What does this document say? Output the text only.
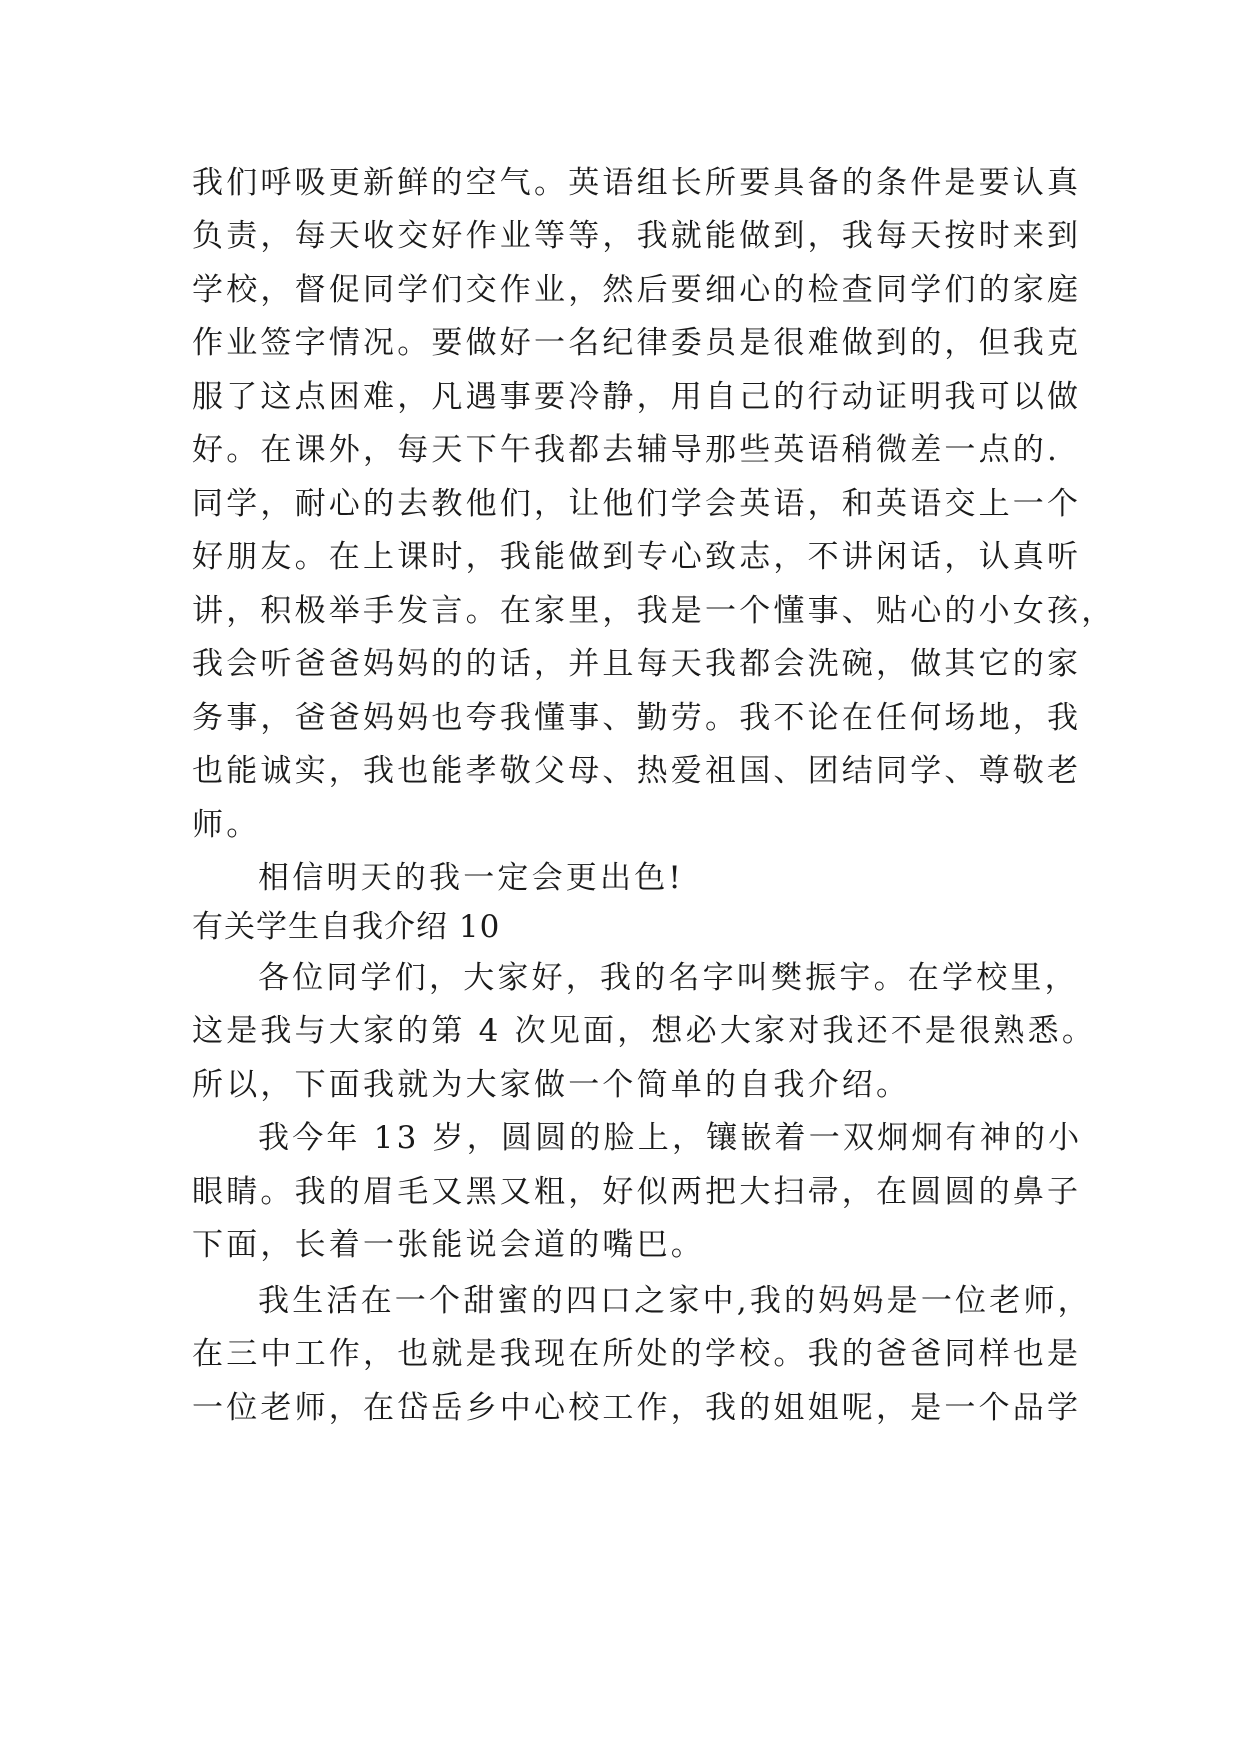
我们呼吸更新鲜的空气。英语组长所要具备的条件是要认真
负责，每天收交好作业等等，我就能做到，我每天按时来到
学校，督促同学们交作业，然后要细心的检查同学们的家庭
作业签字情况。要做好一名纪律委员是很难做到的，但我克
服了这点困难，凡遇事要冷静，用自己的行动证明我可以做
好。在课外，每天下午我都去辅导那些英语稍微差一点的.
同学，耐心的去教他们，让他们学会英语，和英语交上一个
好朋友。在上课时，我能做到专心致志，不讲闲话，认真听
讲，积极举手发言。在家里，我是一个懂事、贴心的小女孩，
我会听爸爸妈妈的的话，并且每天我都会洗碗，做其它的家
务事，爸爸妈妈也夸我懂事、勤劳。我不论在任何场地，我
也能诚实，我也能孝敬父母、热爱祖国、团结同学、尊敬老
师。
相信明天的我一定会更出色!
有关学生自我介绍 10
各位同学们，大家好，我的名字叫樊振宇。在学校里，
这是我与大家的第 4 次见面，想必大家对我还不是很熟悉。
所以，下面我就为大家做一个简单的自我介绍。
我今年 13 岁，圆圆的脸上，镶嵌着一双炯炯有神的小
眼睛。我的眉毛又黑又粗，好似两把大扫帚，在圆圆的鼻子
下面，长着一张能说会道的嘴巴。
我生活在一个甜蜜的四口之家中,我的妈妈是一位老师，
在三中工作，也就是我现在所处的学校。我的爸爸同样也是
一位老师，在岱岳乡中心校工作，我的姐姐呢，是一个品学
